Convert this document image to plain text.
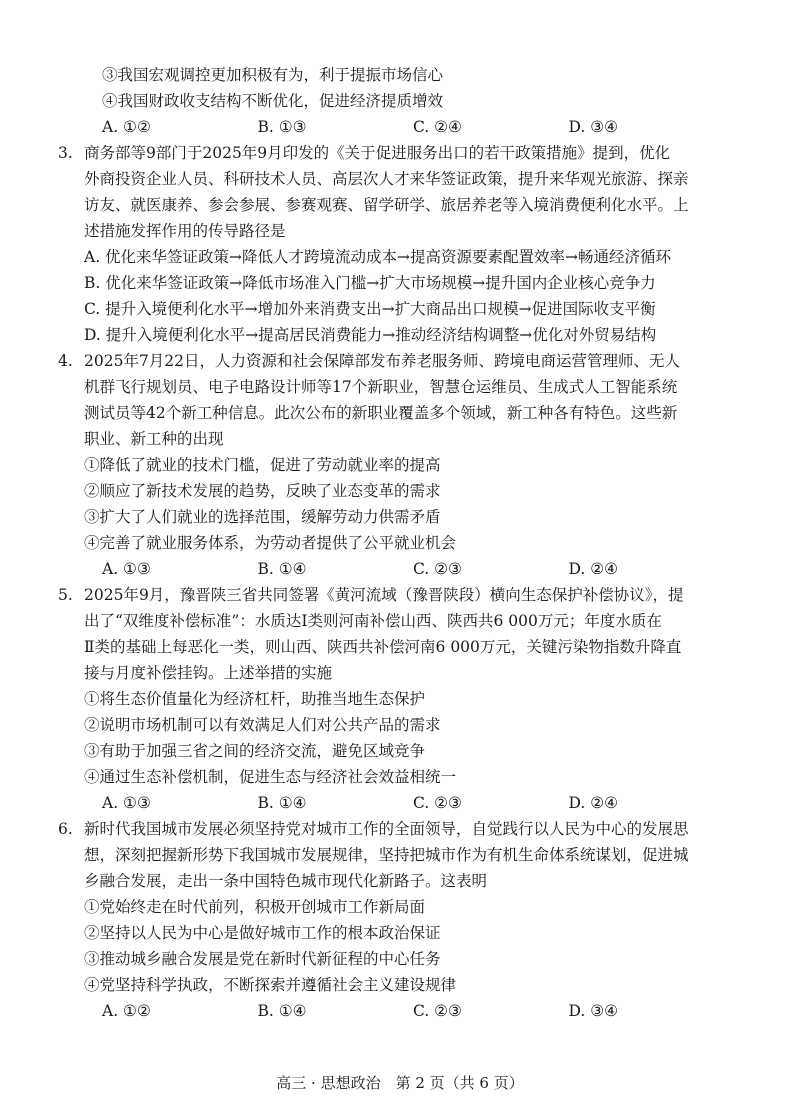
③我国宏观调控更加积极有为，利于提振市场信心
④我国财政收支结构不断优化，促进经济提质增效
A. ①②	B. ①③	C. ②④	D. ③④
3. 商务部等9部门于2025年9月印发的《关于促进服务出口的若干政策措施》提到，优化
外商投资企业人员、科研技术人员、高层次人才来华签证政策，提升来华观光旅游、探亲
访友、就医康养、参会参展、参赛观赛、留学研学、旅居养老等入境消费便利化水平。上
述措施发挥作用的传导路径是
A. 优化来华签证政策→降低人才跨境流动成本→提高资源要素配置效率→畅通经济循环
B. 优化来华签证政策→降低市场准入门槛→扩大市场规模→提升国内企业核心竞争力
C. 提升入境便利化水平→增加外来消费支出→扩大商品出口规模→促进国际收支平衡
D. 提升入境便利化水平→提高居民消费能力→推动经济结构调整→优化对外贸易结构
4. 2025年7月22日，人力资源和社会保障部发布养老服务师、跨境电商运营管理师、无人
机群飞行规划员、电子电路设计师等17个新职业，智慧仓运维员、生成式人工智能系统
测试员等42个新工种信息。此次公布的新职业覆盖多个领域，新工种各有特色。这些新
职业、新工种的出现
①降低了就业的技术门槛，促进了劳动就业率的提高
②顺应了新技术发展的趋势，反映了业态变革的需求
③扩大了人们就业的选择范围，缓解劳动力供需矛盾
④完善了就业服务体系，为劳动者提供了公平就业机会
A. ①③	B. ①④	C. ②③	D. ②④
5. 2025年9月，豫晋陕三省共同签署《黄河流域（豫晋陕段）横向生态保护补偿协议》，提
出了“双维度补偿标准”：水质达Ⅰ类则河南补偿山西、陕西共6 000万元；年度水质在
Ⅱ类的基础上每恶化一类，则山西、陕西共补偿河南6 000万元，关键污染物指数升降直
接与月度补偿挂钩。上述举措的实施
①将生态价值量化为经济杠杆，助推当地生态保护
②说明市场机制可以有效满足人们对公共产品的需求
③有助于加强三省之间的经济交流，避免区域竞争
④通过生态补偿机制，促进生态与经济社会效益相统一
A. ①③	B. ①④	C. ②③	D. ②④
6. 新时代我国城市发展必须坚持党对城市工作的全面领导，自觉践行以人民为中心的发展思
想，深刻把握新形势下我国城市发展规律，坚持把城市作为有机生命体系统谋划，促进城
乡融合发展，走出一条中国特色城市现代化新路子。这表明
①党始终走在时代前列，积极开创城市工作新局面
②坚持以人民为中心是做好城市工作的根本政治保证
③推动城乡融合发展是党在新时代新征程的中心任务
④党坚持科学执政，不断探索并遵循社会主义建设规律
A. ①②	B. ①④	C. ②③	D. ③④
高三 · 思想政治　第 2 页（共 6 页）
